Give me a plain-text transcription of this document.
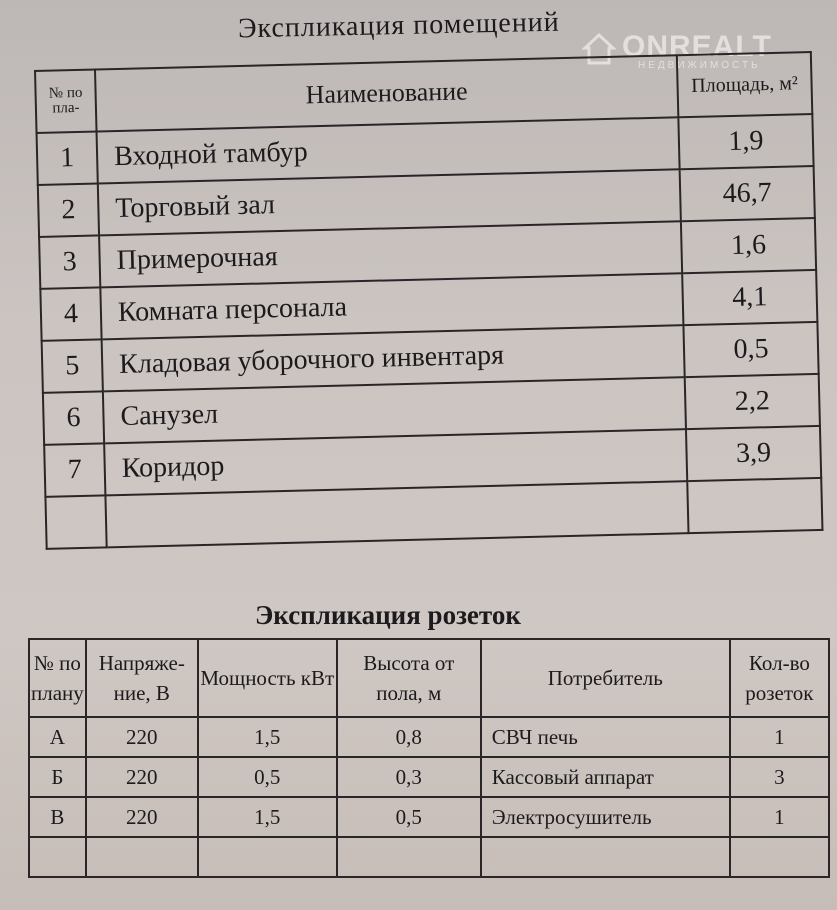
ONREALT
НЕДВИЖИМОСТЬ
Экспликация помещений
№ по пла-	Наименование	Площадь, м²
1	Входной тамбур	1,9
2	Торговый зал	46,7
3	Примерочная	1,6
4	Комната персонала	4,1
5	Кладовая уборочного инвентаря	0,5
6	Санузел	2,2
7	Коридор	3,9

Экспликация розеток
№ по плану	Напряже-ние, В	Мощность кВт	Высота от пола, м	Потребитель	Кол-во розеток
А	220	1,5	0,8	СВЧ печь	1
Б	220	0,5	0,3	Кассовый аппарат	3
В	220	1,5	0,5	Электросушитель	1
